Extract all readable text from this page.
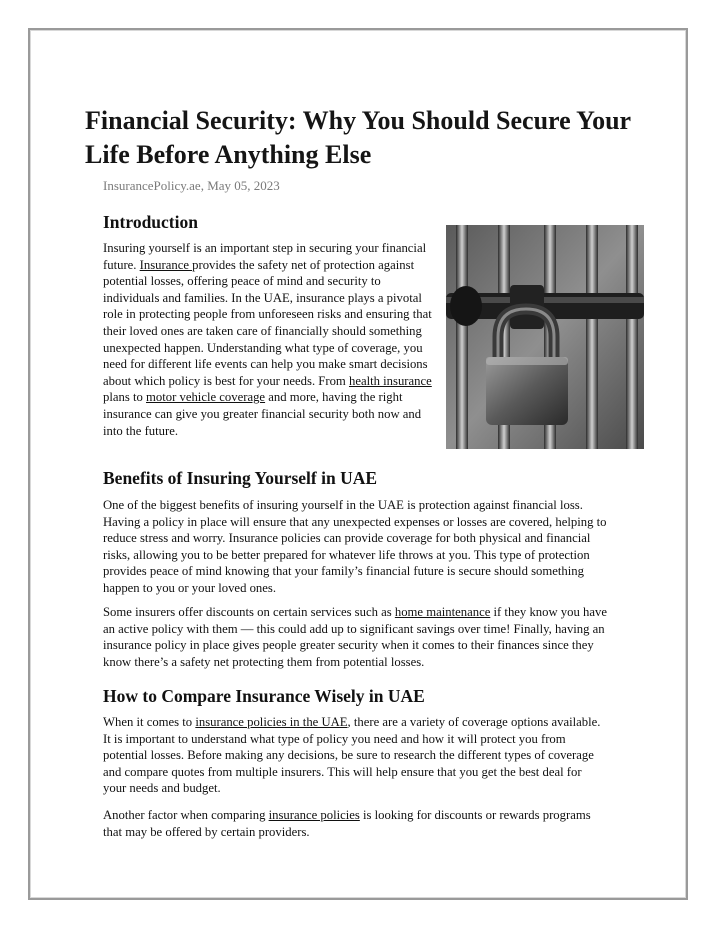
Financial Security: Why You Should Secure Your Life Before Anything Else
InsurancePolicy.ae, May 05, 2023
Introduction

Insuring yourself is an important step in securing your financial future. Insurance provides the safety net of protection against potential losses, offering peace of mind and security to individuals and families. In the UAE, insurance plays a pivotal role in protecting people from unforeseen risks and ensuring that their loved ones are taken care of financially should something unexpected happen. Understanding what type of coverage, you need for different life events can help you make smart decisions about which policy is best for your needs. From health insurance plans to motor vehicle coverage and more, having the right insurance can give you greater financial security both now and into the future.

Benefits of Insuring Yourself in UAE

One of the biggest benefits of insuring yourself in the UAE is protection against financial loss. Having a policy in place will ensure that any unexpected expenses or losses are covered, helping to reduce stress and worry. Insurance policies can provide coverage for both physical and financial risks, allowing you to be better prepared for whatever life throws at you. This type of protection provides peace of mind knowing that your family’s financial future is secure should something happen to you or your loved ones.

Some insurers offer discounts on certain services such as home maintenance if they know you have an active policy with them — this could add up to significant savings over time! Finally, having an insurance policy in place gives people greater security when it comes to their finances since they know there’s a safety net protecting them from potential losses.

How to Compare Insurance Wisely in UAE

When it comes to insurance policies in the UAE, there are a variety of coverage options available. It is important to understand what type of policy you need and how it will protect you from potential losses. Before making any decisions, be sure to research the different types of coverage and compare quotes from multiple insurers. This will help ensure that you get the best deal for your needs and budget.

Another factor when comparing insurance policies is looking for discounts or rewards programs that may be offered by certain providers.
